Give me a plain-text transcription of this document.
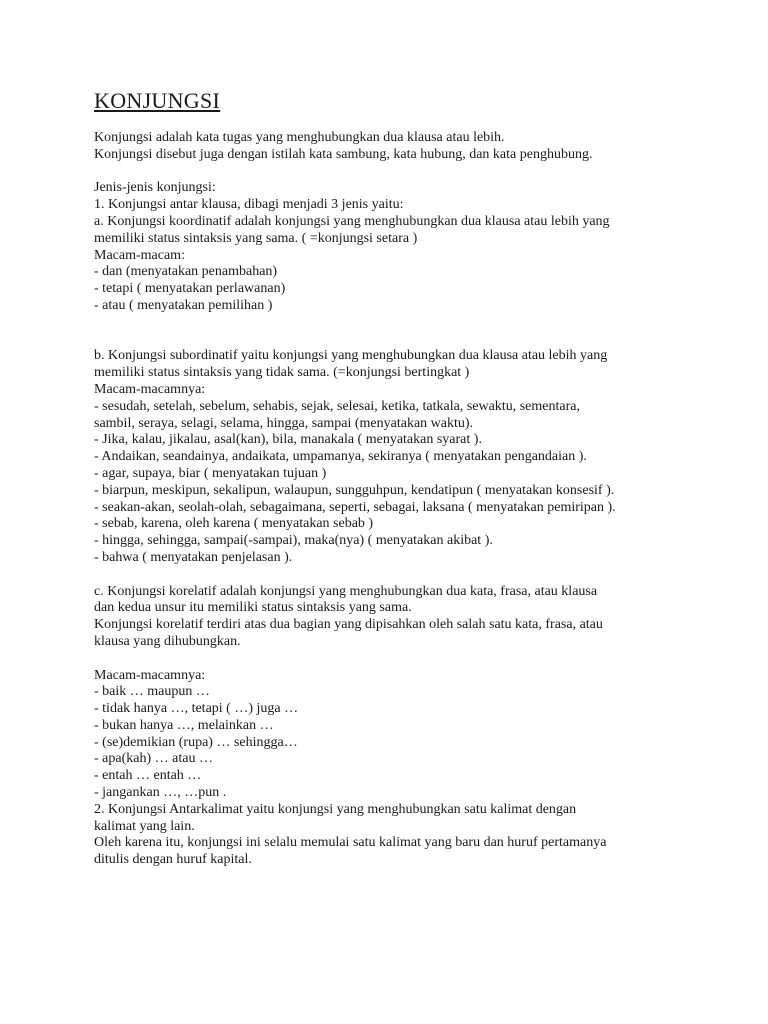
KONJUNGSI

Konjungsi adalah kata tugas yang menghubungkan dua klausa atau lebih.

Konjungsi disebut juga dengan istilah kata sambung, kata hubung, dan kata penghubung.

Jenis-jenis konjungsi:

1. Konjungsi antar klausa, dibagi menjadi 3 jenis yaitu:

a. Konjungsi koordinatif adalah konjungsi yang menghubungkan dua klausa atau lebih yang

memiliki status sintaksis yang sama. ( =konjungsi setara )

Macam-macam:

- dan (menyatakan penambahan)

- tetapi ( menyatakan perlawanan)

- atau ( menyatakan pemilihan )

b. Konjungsi subordinatif yaitu konjungsi yang menghubungkan dua klausa atau lebih yang

memiliki status sintaksis yang tidak sama. (=konjungsi bertingkat )

Macam-macamnya:

- sesudah, setelah, sebelum, sehabis, sejak, selesai, ketika, tatkala, sewaktu, sementara,

sambil, seraya, selagi, selama, hingga, sampai (menyatakan waktu).

- Jika, kalau, jikalau, asal(kan), bila, manakala ( menyatakan syarat ).

- Andaikan, seandainya, andaikata, umpamanya, sekiranya ( menyatakan pengandaian ).

- agar, supaya, biar ( menyatakan tujuan )

- biarpun, meskipun, sekalipun, walaupun, sungguhpun, kendatipun ( menyatakan konsesif ).

- seakan-akan, seolah-olah, sebagaimana, seperti, sebagai, laksana ( menyatakan pemiripan ).

- sebab, karena, oleh karena ( menyatakan sebab )

- hingga, sehingga, sampai(-sampai), maka(nya) ( menyatakan akibat ).

- bahwa ( menyatakan penjelasan ).

c. Konjungsi korelatif adalah konjungsi yang menghubungkan dua kata, frasa, atau klausa

dan kedua unsur itu memiliki status sintaksis yang sama.

Konjungsi korelatif terdiri atas dua bagian yang dipisahkan oleh salah satu kata, frasa, atau

klausa yang dihubungkan.

Macam-macamnya:

- baik … maupun …

- tidak hanya …, tetapi ( …) juga …

- bukan hanya …, melainkan …

- (se)demikian (rupa) … sehingga…

- apa(kah) … atau …

- entah … entah …

- jangankan …, …pun .

2. Konjungsi Antarkalimat yaitu konjungsi yang menghubungkan satu kalimat dengan

kalimat yang lain.

Oleh karena itu, konjungsi ini selalu memulai satu kalimat yang baru dan huruf pertamanya

ditulis dengan huruf kapital.
